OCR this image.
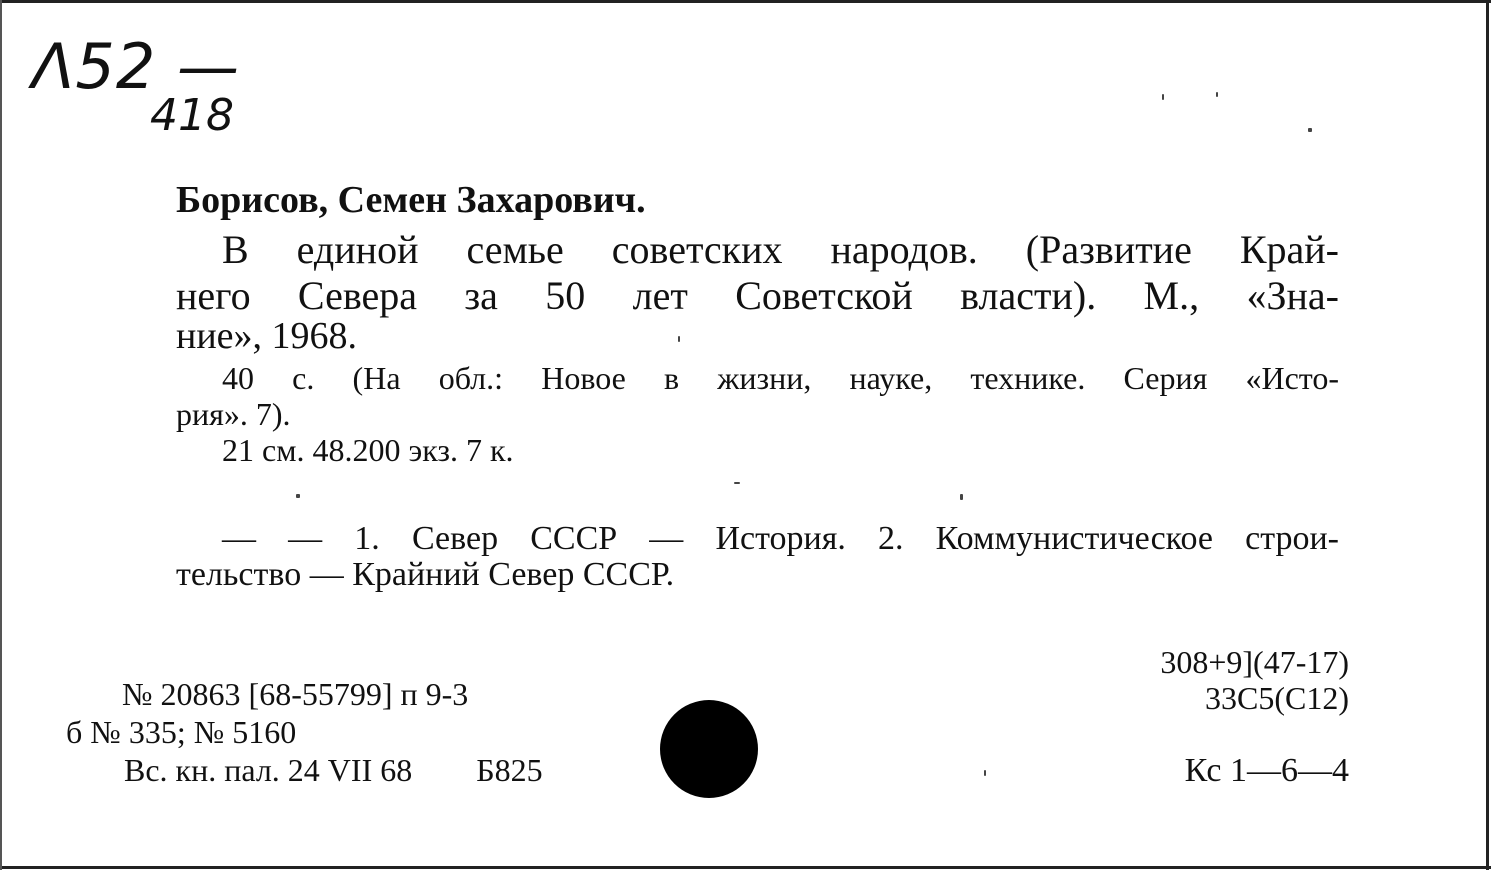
Λ52 —
418
Борисов, Семен Захарович.
В единой семье советских народов. (Развитие Край-
него Севера за 50 лет Советской власти). М., «Зна-
ние», 1968.
40 с. (На обл.: Новое в жизни, науке, технике. Серия «Исто-
рия». 7).
21 см. 48.200 экз. 7 к.
— — 1. Север СССР — История. 2. Коммунистическое строи-
тельство — Крайний Север СССР.
№ 20863 [68-55799] п 9-3
б № 335; № 5160
Вс. кн. пал. 24 VII 68 Б825
308+9](47-17)
33С5(С12)
Кс 1—6—4
